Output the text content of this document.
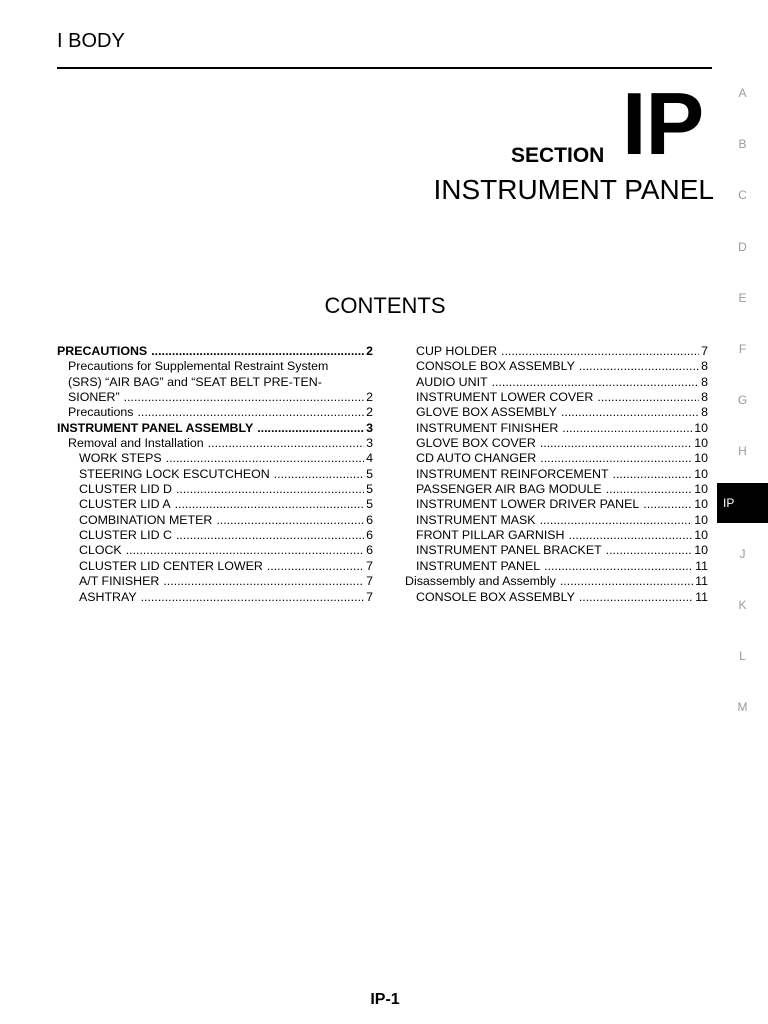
I BODY
SECTION IP
INSTRUMENT PANEL
CONTENTS
PRECAUTIONS .....	2
Precautions for Supplemental Restraint System
(SRS) “AIR BAG” and “SEAT BELT PRE-TEN-
SIONER” .....	2
Precautions .....	2
INSTRUMENT PANEL ASSEMBLY .....	3
Removal and Installation .....	3
WORK STEPS .....	4
STEERING LOCK ESCUTCHEON .....	5
CLUSTER LID D .....	5
CLUSTER LID A .....	5
COMBINATION METER .....	6
CLUSTER LID C .....	6
CLOCK .....	6
CLUSTER LID CENTER LOWER .....	7
A/T FINISHER .....	7
ASHTRAY .....	7
CUP HOLDER .....	7
CONSOLE BOX ASSEMBLY .....	8
AUDIO UNIT .....	8
INSTRUMENT LOWER COVER .....	8
GLOVE BOX ASSEMBLY .....	8
INSTRUMENT FINISHER .....	10
GLOVE BOX COVER .....	10
CD AUTO CHANGER .....	10
INSTRUMENT REINFORCEMENT .....	10
PASSENGER AIR BAG MODULE .....	10
INSTRUMENT LOWER DRIVER PANEL .....	10
INSTRUMENT MASK .....	10
FRONT PILLAR GARNISH .....	10
INSTRUMENT PANEL BRACKET .....	10
INSTRUMENT PANEL .....	11
Disassembly and Assembly .....	11
CONSOLE BOX ASSEMBLY .....	11
A
B
C
D
E
F
G
H
IP
J
K
L
M
IP-1
